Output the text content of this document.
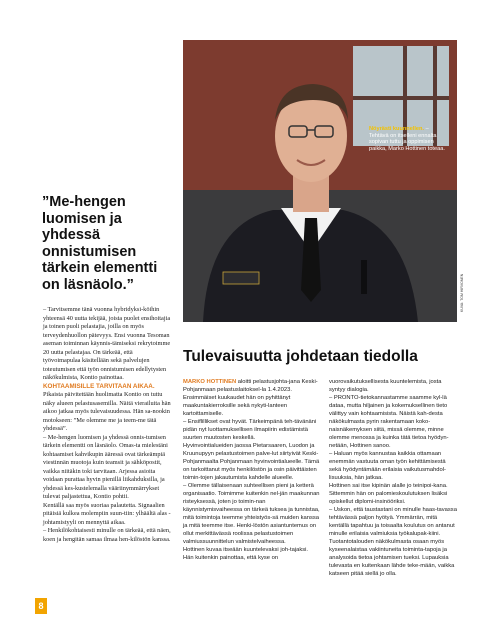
Nöyrästi kuunnellen. – Tehtävä on itselleni ennalta sopivan tuttu ja oppimisen paikka, Marko Hottinen toteaa.
KUVA: TOM HIRVONEN
”Me-hengen luomisen ja yhdessä onnistumisen tärkein elementti on läsnäolo.”

– Tarvitsemme tänä vuonna hybridyksi-köihin yhteensä 40 uutta tekijää, joista puolet ensihoitajia ja toinen puoli pelastajia, joilla on myös terveydenhuollon pätevyys. Ensi vuonna Tesoman aseman toiminnan käynnis-tämiseksi rekrytoimme 20 uutta pelastajaa. On tärkeää, että työvoimapulaa käsitellään sekä palvelujen toteutumisen että työn onnistumisen edellytysten näkökulmista, Kontio painottaa.

KOHTAAMISILLE TARVITAAN AIKAA. Pikaista päivitettään huolimatta Kontio on tuttu näky alueen pelastusasemilla. Näitä vierailuita hän aikoo jatkaa myös tulevaisuudessa. Hän sa-nookin motokseen: ”Me olemme me ja teem-me tätä yhdessä”.

– Me-hengen luomisen ja yhdessä onnis-tumisen tärkein elementti on läsnäolo. Omas-ta mielestäni kohtaamiset kahvikupin ääressä ovat tärkeämpiä viestinnän muotoja kuin teamsit ja sähköpostit, vaikka niitäkin toki tarvitaan. Arjessa asioita voidaan purattaa hyvin pienillä liikahduksilla, ja yhdessä kes-kustelemalla vääriinymmärrykset tulevat paljastettua, Kontio pohtii.

Kentällä saa myös suoriaa palautetta. Signaalien pitäisiä kulkea molempiin suun-tiin: ylhäältä alas -johtamistyyli on mennyttä aikaa.

– Henkilökohtaisesti minulle on tärkeää, että näen, koen ja hengitän samaa ilmaa hen-kilöstön kanssa.

Tulevaisuutta johdetaan tiedolla

MARKO HOTTINEN aloitti pelastusjohta-jana Keski-Pohjanmaan pelastuslaitoksel-la 1.4.2023. Ensimmäiset kuukaudet hän on pyhittänyt maakuntakierroksille sekä nykyti-lanteen kartoittamiselle.

– Ensiflillikset ovat hyvät. Tärkeimpänä teh-tävänäni pidän nyt luottamuksellisen ilmapiirin edistämistä suurten muutosten keskellä.

Hyvinvointialueiden jaossa Pietarsaaren, Luodon ja Kruunupyyn pelastustoimen palve-lut siirtyivät Keski-Pohjanmaalta Pohjanmaan hyvinvointialueelle. Tämä on tarkoittanut myös henkilöstön ja osin päivittäisten toimin-tojen jakautumista kahdelle alueelle.

– Olemme tällaisenaan suhteellisen pieni ja ketterä organisaatio. Toimimme kuitenkin nel-jän maakunnan risteyksessä, joten jo toimin-nan käynnistymisvaiheessa on tärkeä tuksea ja tunnistaa, mitä toimintoja teemme yhteistyös-sä muiden kanssa ja mitä teemme itse. Henki-löstön asiantuntemus on ollut merkittävässä roolissa pelastustoimen valmiussuunnittelun valmistelvaiheessa.

Hottinen kuvaa itseään kuuntelevaksi joh-tajaksi. Hän kuitenkin painottaa, että kyse on

vuorovaikutuksellisesta kuuntelemista, josta syntyy dialogia.

– PRONTO-tietokannastamme saamme kyl-lä dataa, mutta hiljainen ja kokemuksellinen tieto välittyy vain kohtaamisista. Näistä kah-desta näkökulmasta pyrin rakentamaan koko-naisnäkemyksen siitä, missä olemme, minne olemme menossa ja kuinka tätä tietoa hyödyn-netään, Hottinen sanoo.

– Haluan myös kannustaa kaikkia ottamaan enemmän vastuuta oman työn kehittämisestä sekä hyödyntämään erilaisia vaikutusmahdol-lisuuksia, hän jatkaa.

Hottinen sai itse kipinän alalle jo teinipoi-kana. Sittemmin hän on palomieskoulutuksen lisäksi opiskellut diplomi-insinööriksi.

– Uskon, että taustastani on minulle haas-tavassa tehtävässä paljon hyötyä. Ymmärrän, mitä kentällä tapahtuu ja toisaalta koulutus on antanut minulle erilaisia valmiuksia työkalupak-kiini. Tuotantotalouden näkökulmasta osaan myös kyseenalaistaa vakiintuneita toiminta-tapoja ja analysoida tietoa johtamisen tueksi. Lupauksia tulevasta en kuitenkaan lähde teke-mään, vaikka katseen pitää siellä jo olla.

8
